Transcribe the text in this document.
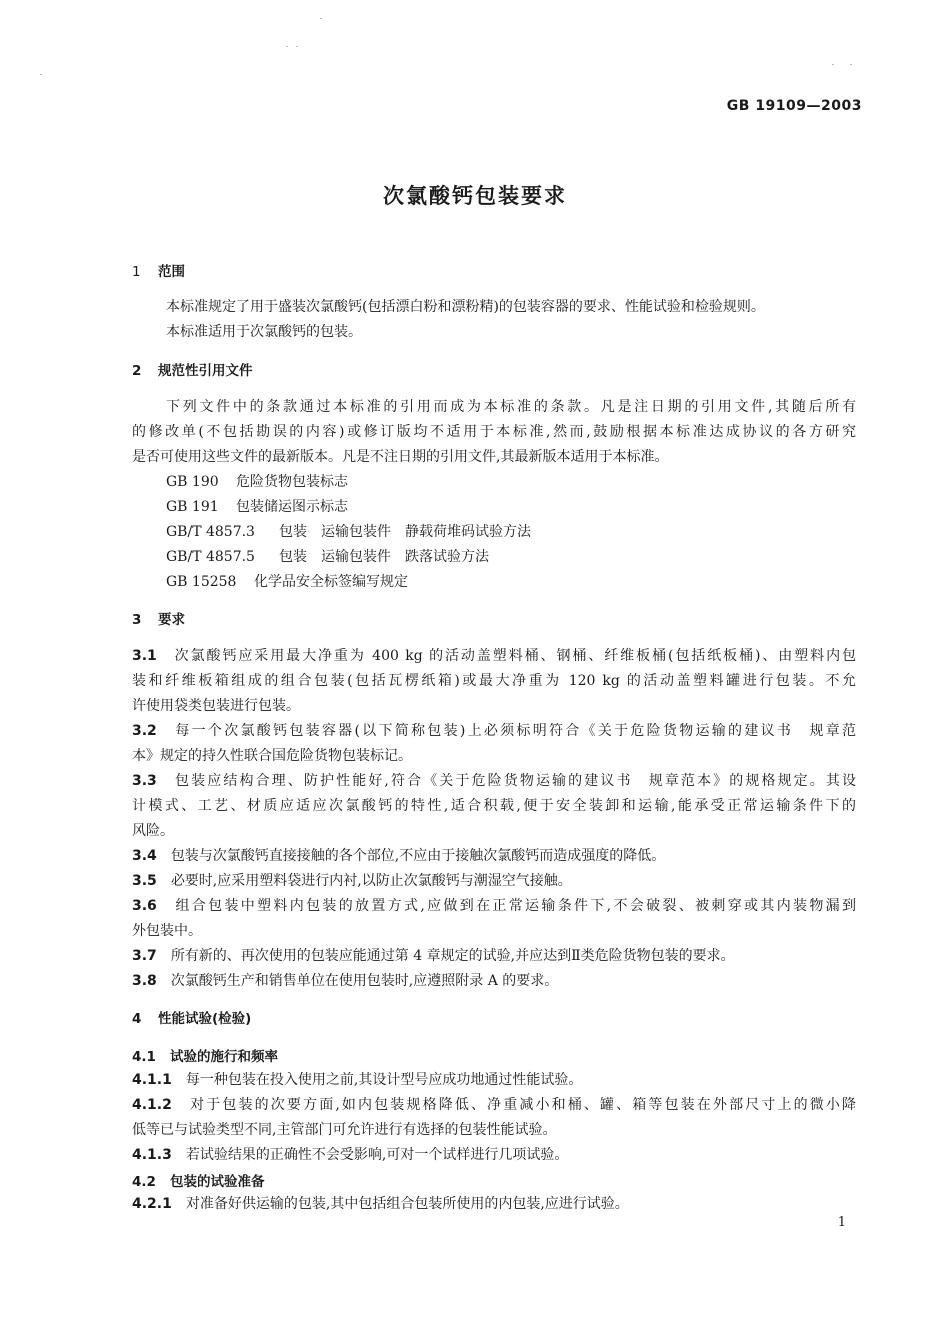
GB 19109—2003
次氯酸钙包装要求
1 范围
本标准规定了用于盛装次氯酸钙(包括漂白粉和漂粉精)的包装容器的要求、性能试验和检验规则。
本标准适用于次氯酸钙的包装。
2 规范性引用文件
下列文件中的条款通过本标准的引用而成为本标准的条款。凡是注日期的引用文件,其随后所有
的修改单(不包括勘误的内容)或修订版均不适用于本标准,然而,鼓励根据本标准达成协议的各方研究
是否可使用这些文件的最新版本。凡是不注日期的引用文件,其最新版本适用于本标准。
GB 190 危险货物包装标志
GB 191 包装储运图示标志
GB/T 4857.3 包装　运输包装件　静载荷堆码试验方法
GB/T 4857.5 包装　运输包装件　跌落试验方法
GB 15258 化学品安全标签编写规定
3 要求
3.1　 次氯酸钙应采用最大净重为 400 kg 的活动盖塑料桶、钢桶、纤维板桶(包括纸板桶)、由塑料内包
装和纤维板箱组成的组合包装(包括瓦楞纸箱)或最大净重为 120 kg 的活动盖塑料罐进行包装。不允
许使用袋类包装进行包装。
3.2　 每一个次氯酸钙包装容器(以下简称包装)上必须标明符合《关于危险货物运输的建议书　规章范
本》规定的持久性联合国危险货物包装标记。
3.3　 包装应结构合理、防护性能好,符合《关于危险货物运输的建议书　规章范本》的规格规定。其设
计模式、工艺、材质应适应次氯酸钙的特性,适合积载,便于安全装卸和运输,能承受正常运输条件下的
风险。
3.4　 包装与次氯酸钙直接接触的各个部位,不应由于接触次氯酸钙而造成强度的降低。
3.5　 必要时,应采用塑料袋进行内衬,以防止次氯酸钙与潮湿空气接触。
3.6　 组合包装中塑料内包装的放置方式,应做到在正常运输条件下,不会破裂、被刺穿或其内装物漏到
外包装中。
3.7　 所有新的、再次使用的包装应能通过第 4 章规定的试验,并应达到Ⅱ类危险货物包装的要求。
3.8　 次氯酸钙生产和销售单位在使用包装时,应遵照附录 A 的要求。
4 性能试验(检验)
4.1 试验的施行和频率
4.1.1　 每一种包装在投入使用之前,其设计型号应成功地通过性能试验。
4.1.2　 对于包装的次要方面,如内包装规格降低、净重减小和桶、罐、箱等包装在外部尺寸上的微小降
低等已与试验类型不同,主管部门可允许进行有选择的包装性能试验。
4.1.3　 若试验结果的正确性不会受影响,可对一个试样进行几项试验。
4.2 包装的试验准备
4.2.1　 对准备好供运输的包装,其中包括组合包装所使用的内包装,应进行试验。
1
